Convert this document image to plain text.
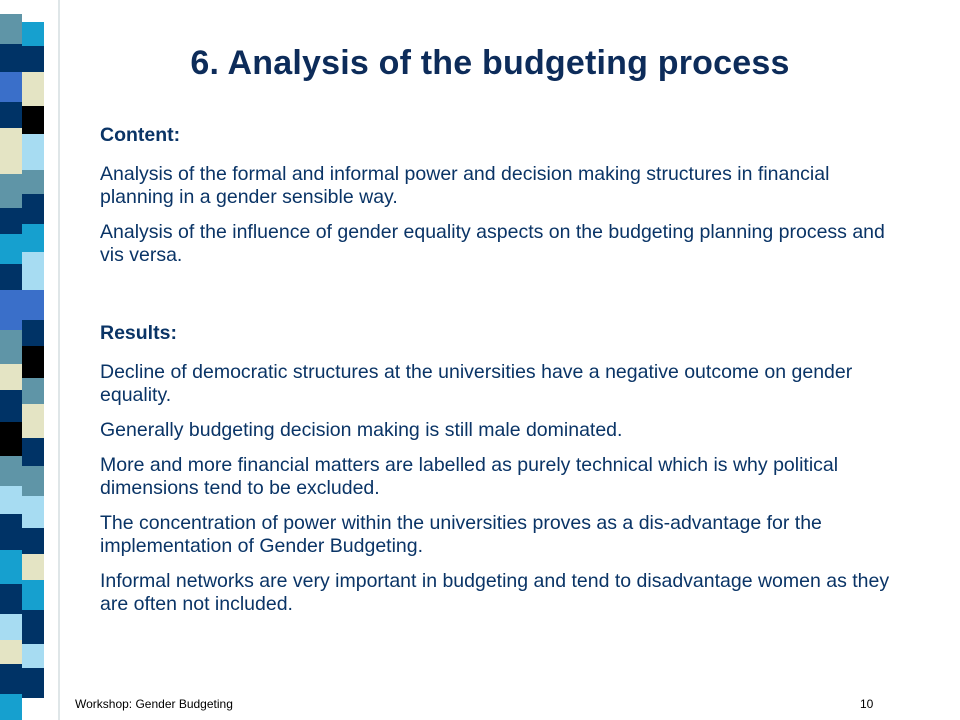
6. Analysis of the budgeting process

Content:

Analysis of the formal and informal power and decision making structures in financial planning in a gender sensible way.

Analysis of the influence of gender equality aspects on the budgeting planning process and vis versa.

Results:

Decline of democratic structures at the universities have a negative outcome on gender equality.

Generally budgeting decision making is still male dominated.

More and more financial matters are labelled as purely technical which is why political dimensions tend to be excluded.

The concentration of power within the universities proves as a dis-advantage for the implementation of Gender Budgeting.

Informal networks are very important in budgeting and tend to disadvantage women as they are often not included.

Workshop: Gender Budgeting	10
